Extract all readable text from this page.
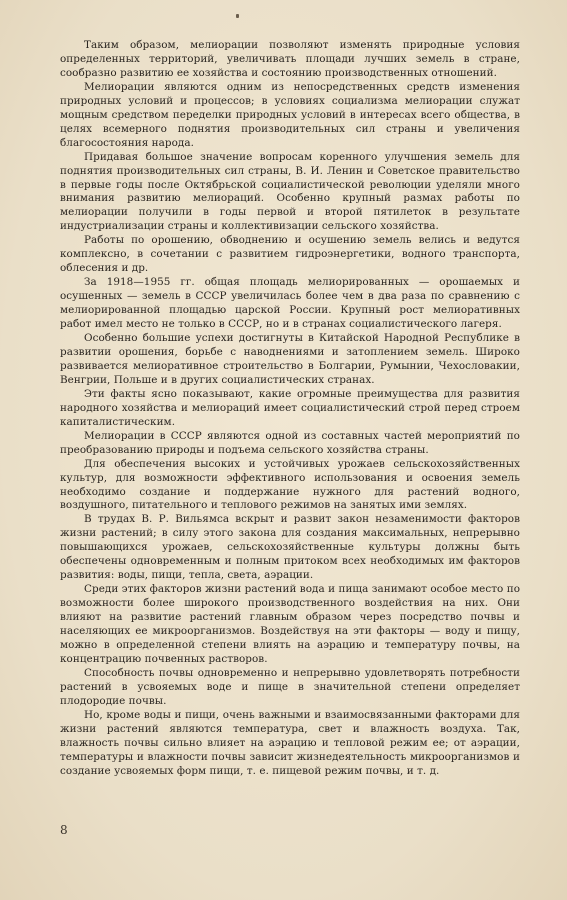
Таким образом, мелиорации позволяют изменять природные условия определенных территорий, увеличивать площади лучших земель в стране, сообразно развитию ее хозяйства и состоянию производственных отношений.

Мелиорации являются одним из непосредственных средств изменения природных условий и процессов; в условиях социализма мелиорации служат мощным средством переделки природных условий в интересах всего общества, в целях всемерного поднятия производительных сил страны и увеличения благосостояния народа.

Придавая большое значение вопросам коренного улучшения земель для поднятия производительных сил страны, В. И. Ленин и Советское правительство в первые годы после Октябрьской социалистической революции уделяли много внимания развитию мелиораций. Особенно крупный размах работы по мелиорации получили в годы первой и второй пятилеток в результате индустриализации страны и коллективизации сельского хозяйства.

Работы по орошению, обводнению и осушению земель велись и ведутся комплексно, в сочетании с развитием гидроэнергетики, водного транспорта, облесения и др.

За 1918—1955 гг. общая площадь мелиорированных — орошаемых и осушенных — земель в СССР увеличилась более чем в два раза по сравнению с мелиорированной площадью царской России. Крупный рост мелиоративных работ имел место не только в СССР, но и в странах социалистического лагеря.

Особенно большие успехи достигнуты в Китайской Народной Республике в развитии орошения, борьбе с наводнениями и затоплением земель. Широко развивается мелиоративное строительство в Болгарии, Румынии, Чехословакии, Венгрии, Польше и в других социалистических странах.

Эти факты ясно показывают, какие огромные преимущества для развития народного хозяйства и мелиораций имеет социалистический строй перед строем капиталистическим.

Мелиорации в СССР являются одной из составных частей мероприятий по преобразованию природы и подъема сельского хозяйства страны.

Для обеспечения высоких и устойчивых урожаев сельскохозяйственных культур, для возможности эффективного использования и освоения земель необходимо создание и поддержание нужного для растений водного, воздушного, питательного и теплового режимов на занятых ими землях.

В трудах В. Р. Вильямса вскрыт и развит закон незаменимости факторов жизни растений; в силу этого закона для создания максимальных, непрерывно повышающихся урожаев, сельскохозяйственные культуры должны быть обеспечены одновременным и полным притоком всех необходимых им факторов развития: воды, пищи, тепла, света, аэрации.

Среди этих факторов жизни растений вода и пища занимают особое место по возможности более широкого производственного воздействия на них. Они влияют на развитие растений главным образом через посредство почвы и населяющих ее микроорганизмов. Воздействуя на эти факторы — воду и пищу, можно в определенной степени влиять на аэрацию и температуру почвы, на концентрацию почвенных растворов.

Способность почвы одновременно и непрерывно удовлетворять потребности растений в усвояемых воде и пище в значительной степени определяет плодородие почвы.

Но, кроме воды и пищи, очень важными и взаимосвязанными факторами для жизни растений являются температура, свет и влажность воздуха. Так, влажность почвы сильно влияет на аэрацию и тепловой режим ее; от аэрации, температуры и влажности почвы зависит жизнедеятельность микроорганизмов и создание усвояемых форм пищи, т. е. пищевой режим почвы, и т. д.

8
